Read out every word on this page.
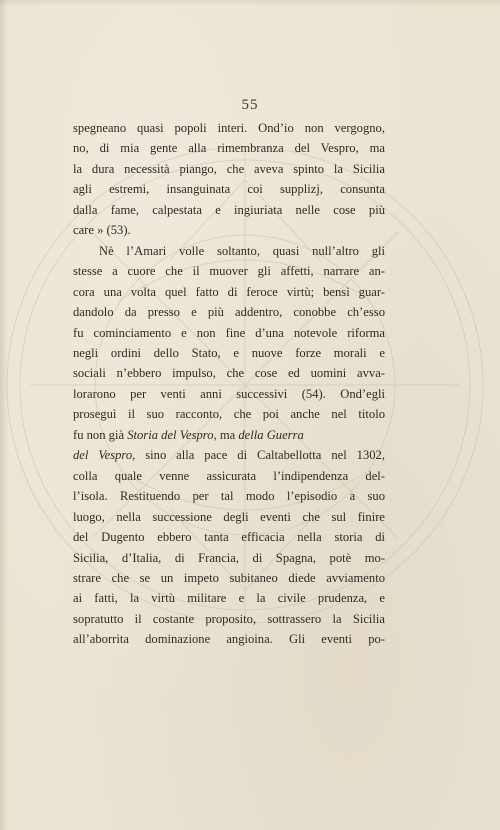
55
spegneano quasi popoli interi. Ond’io non vergogno,
no, di mia gente alla rimembranza del Vespro, ma
la dura necessità piango, che aveva spinto la Sicilia
agli estremi, insanguinata coi supplizj, consunta
dalla fame, calpestata e ingiuriata nelle cose più
care » (53).
Nè l’Amari volle soltanto, quasi null’altro gli
stesse a cuore che il muover gli affetti, narrare an-
cora una volta quel fatto di feroce virtù; bensì guar-
dandolo da presso e più addentro, conobbe ch’esso
fu cominciamento e non fine d’una notevole riforma
negli ordini dello Stato, e nuove forze morali e
sociali n’ebbero impulso, che cose ed uomini avva-
lorarono per venti anni successivi (54). Ond’egli
proseguì il suo racconto, che poi anche nel titolo
fu non già Storia del Vespro, ma della Guerra
del Vespro, sino alla pace di Caltabellotta nel 1302,
colla quale venne assicurata l’indipendenza del-
l’isola. Restituendo per tal modo l’episodio a suo
luogo, nella successione degli eventi che sul finire
del Dugento ebbero tanta efficacia nella storia di
Sicilia, d’Italia, di Francia, di Spagna, potè mo-
strare che se un impeto subitaneo diede avviamento
ai fatti, la virtù militare e la civile prudenza, e
sopratutto il costante proposito, sottrassero la Sicilia
all’aborrita dominazione angioina. Gli eventi po-
